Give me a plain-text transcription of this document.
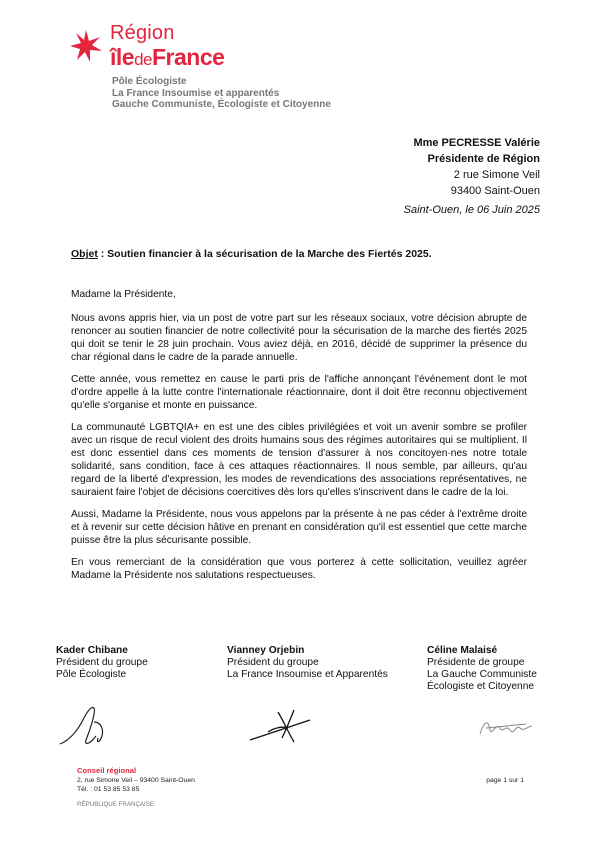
Région
îledeFrance
Pôle Écologiste
La France Insoumise et apparentés
Gauche Communiste, Écologiste et Citoyenne
Mme PECRESSE Valérie
Présidente de Région
2 rue Simone Veil
93400 Saint-Ouen
Saint-Ouen, le 06 Juin 2025
Objet : Soutien financier à la sécurisation de la Marche des Fiertés 2025.

Madame la Présidente,

Nous avons appris hier, via un post de votre part sur les réseaux sociaux, votre décision abrupte de renoncer au soutien financier de notre collectivité pour la sécurisation de la marche des fiertés 2025 qui doit se tenir le 28 juin prochain. Vous aviez déjà, en 2016, décidé de supprimer la présence du char régional dans le cadre de la parade annuelle.

Cette année, vous remettez en cause le parti pris de l'affiche annonçant l'événement dont le mot d'ordre appelle à la lutte contre l'internationale réactionnaire, dont il doit être reconnu objectivement qu'elle s'organise et monte en puissance.

La communauté LGBTQIA+ en est une des cibles privilégiées et voit un avenir sombre se profiler avec un risque de recul violent des droits humains sous des régimes autoritaires qui se multiplient. Il est donc essentiel dans ces moments de tension d'assurer à nos concitoyen·nes notre totale solidarité, sans condition, face à ces attaques réactionnaires. Il nous semble, par ailleurs, qu'au regard de la liberté d'expression, les modes de revendications des associations représentatives, ne sauraient faire l'objet de décisions coercitives dès lors qu'elles s'inscrivent dans le cadre de la loi.

Aussi, Madame la Présidente, nous vous appelons par la présente à ne pas céder à l'extrême droite et à revenir sur cette décision hâtive en prenant en considération qu'il est essentiel que cette marche puisse être la plus sécurisante possible.

En vous remerciant de la considération que vous porterez à cette sollicitation, veuillez agréer Madame la Présidente nos salutations respectueuses.

Kader Chibane
Président du groupe
Pôle Écologiste
Vianney Orjebin
Président du groupe
La France Insoumise et Apparentés
Céline Malaisé
Présidente de groupe
La Gauche Communiste
Écologiste et Citoyenne
Conseil régional
2, rue Simone Veil – 93400 Saint-Ouen
Tél. : 01 53 85 53 85
RÉPUBLIQUE FRANÇAISE
page 1 sur 1
